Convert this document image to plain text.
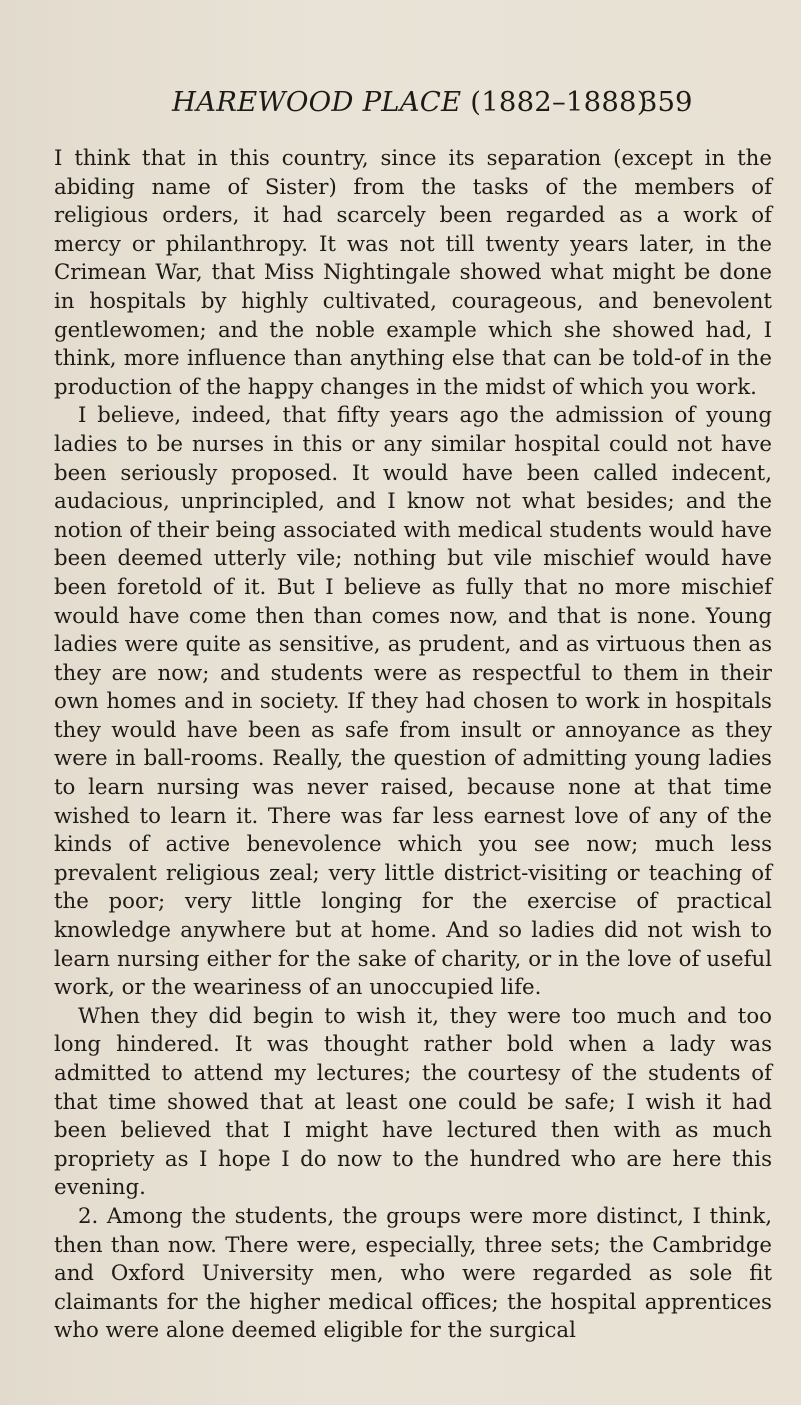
HAREWOOD PLACE (1882–1888)
359

I think that in this country, since its separation (except in the abiding name of Sister) from the tasks of the members of religious orders, it had scarcely been regarded as a work of mercy or philanthropy. It was not till twenty years later, in the Crimean War, that Miss Nightingale showed what might be done in hospitals by highly cultivated, courageous, and benevolent gentlewomen; and the noble example which she showed had, I think, more influence than anything else that can be told-of in the production of the happy changes in the midst of which you work.

I believe, indeed, that fifty years ago the admission of young ladies to be nurses in this or any similar hospital could not have been seriously proposed. It would have been called indecent, audacious, unprincipled, and I know not what besides; and the notion of their being associated with medical students would have been deemed utterly vile; nothing but vile mischief would have been foretold of it. But I believe as fully that no more mischief would have come then than comes now, and that is none. Young ladies were quite as sensitive, as prudent, and as virtuous then as they are now; and students were as respectful to them in their own homes and in society. If they had chosen to work in hospitals they would have been as safe from insult or annoyance as they were in ball-rooms. Really, the question of admitting young ladies to learn nursing was never raised, because none at that time wished to learn it. There was far less earnest love of any of the kinds of active benevolence which you see now; much less prevalent religious zeal; very little district-visiting or teaching of the poor; very little longing for the exercise of practical knowledge anywhere but at home. And so ladies did not wish to learn nursing either for the sake of charity, or in the love of useful work, or the weariness of an unoccupied life.

When they did begin to wish it, they were too much and too long hindered. It was thought rather bold when a lady was admitted to attend my lectures; the courtesy of the students of that time showed that at least one could be safe; I wish it had been believed that I might have lectured then with as much propriety as I hope I do now to the hundred who are here this evening.

2. Among the students, the groups were more distinct, I think, then than now. There were, especially, three sets; the Cambridge and Oxford University men, who were regarded as sole fit claimants for the higher medical offices; the hospital apprentices who were alone deemed eligible for the surgical
